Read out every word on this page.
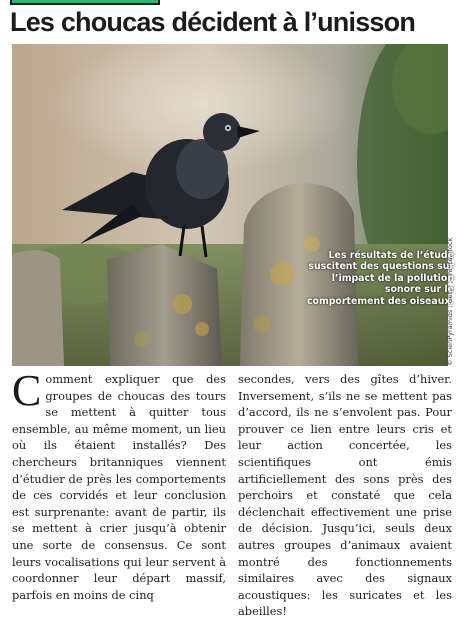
Les choucas décident à l’unisson
© ScienPyramids ; Getty ; Shutterstock
Les résultats de l’étude suscitent des questions sur l’impact de la pollution sonore sur le comportement des oiseaux.
C omment expliquer que des groupes de choucas des tours se mettent à quitter tous ensemble, au même moment, un lieu où ils étaient installés? Des chercheurs britanniques viennent d’étudier de près les comportements de ces corvidés et leur conclusion est surprenante: avant de partir, ils se mettent à crier jusqu’à obtenir une sorte de consensus. Ce sont leurs vocalisations qui leur servent à coordonner leur départ massif, parfois en moins de cinq

secondes, vers des gîtes d’hiver. Inversement, s’ils ne se mettent pas d’accord, ils ne s’envolent pas. Pour prouver ce lien entre leurs cris et leur action concertée, les scientifiques ont émis artificiellement des sons près des perchoirs et constaté que cela déclenchait effectivement une prise de décision. Jusqu’ici, seuls deux autres groupes d’animaux avaient montré des fonctionnements similaires avec des signaux acoustiques: les suricates et les abeilles!
